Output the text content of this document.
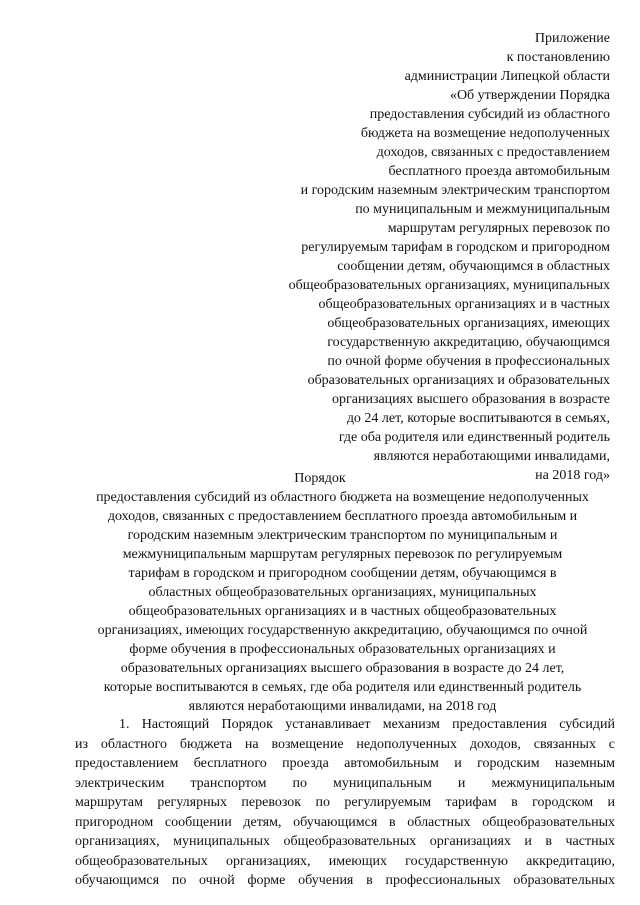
Приложение
к постановлению
администрации Липецкой области
«Об утверждении Порядка
предоставления субсидий из областного
бюджета на возмещение недополученных
доходов, связанных с предоставлением
бесплатного проезда автомобильным
и городским наземным электрическим транспортом
по муниципальным и межмуниципальным
маршрутам регулярных перевозок по
регулируемым тарифам в городском и пригородном
сообщении детям, обучающимся в областных
общеобразовательных организациях, муниципальных
общеобразовательных организациях и в частных
общеобразовательных организациях, имеющих
государственную аккредитацию, обучающимся
по очной форме обучения в профессиональных
образовательных организациях и образовательных
организациях высшего образования в возрасте
до 24 лет, которые воспитываются в семьях,
где оба родителя или единственный родитель
являются неработающими инвалидами,
на 2018 год»
Порядок
предоставления субсидий из областного бюджета на возмещение недополученных
доходов, связанных с предоставлением бесплатного проезда автомобильным и
городским наземным электрическим транспортом по муниципальным и
межмуниципальным маршрутам регулярных перевозок по регулируемым
тарифам в городском и пригородном сообщении детям, обучающимся в
областных общеобразовательных организациях, муниципальных
общеобразовательных организациях и в частных общеобразовательных
организациях, имеющих государственную аккредитацию, обучающимся по очной
форме обучения в профессиональных образовательных организациях и
образовательных организациях высшего образования в возрасте до 24 лет,
которые воспитываются в семьях, где оба родителя или единственный родитель
являются неработающими инвалидами, на 2018 год
1. Настоящий Порядок устанавливает механизм предоставления субсидий
из областного бюджета на возмещение недополученных доходов, связанных с
предоставлением бесплатного проезда автомобильным и городским наземным
электрическим транспортом по муниципальным и межмуниципальным
маршрутам регулярных перевозок по регулируемым тарифам в городском и
пригородном сообщении детям, обучающимся в областных общеобразовательных
организациях, муниципальных общеобразовательных организациях и в частных
общеобразовательных организациях, имеющих государственную аккредитацию,
обучающимся по очной форме обучения в профессиональных образовательных
